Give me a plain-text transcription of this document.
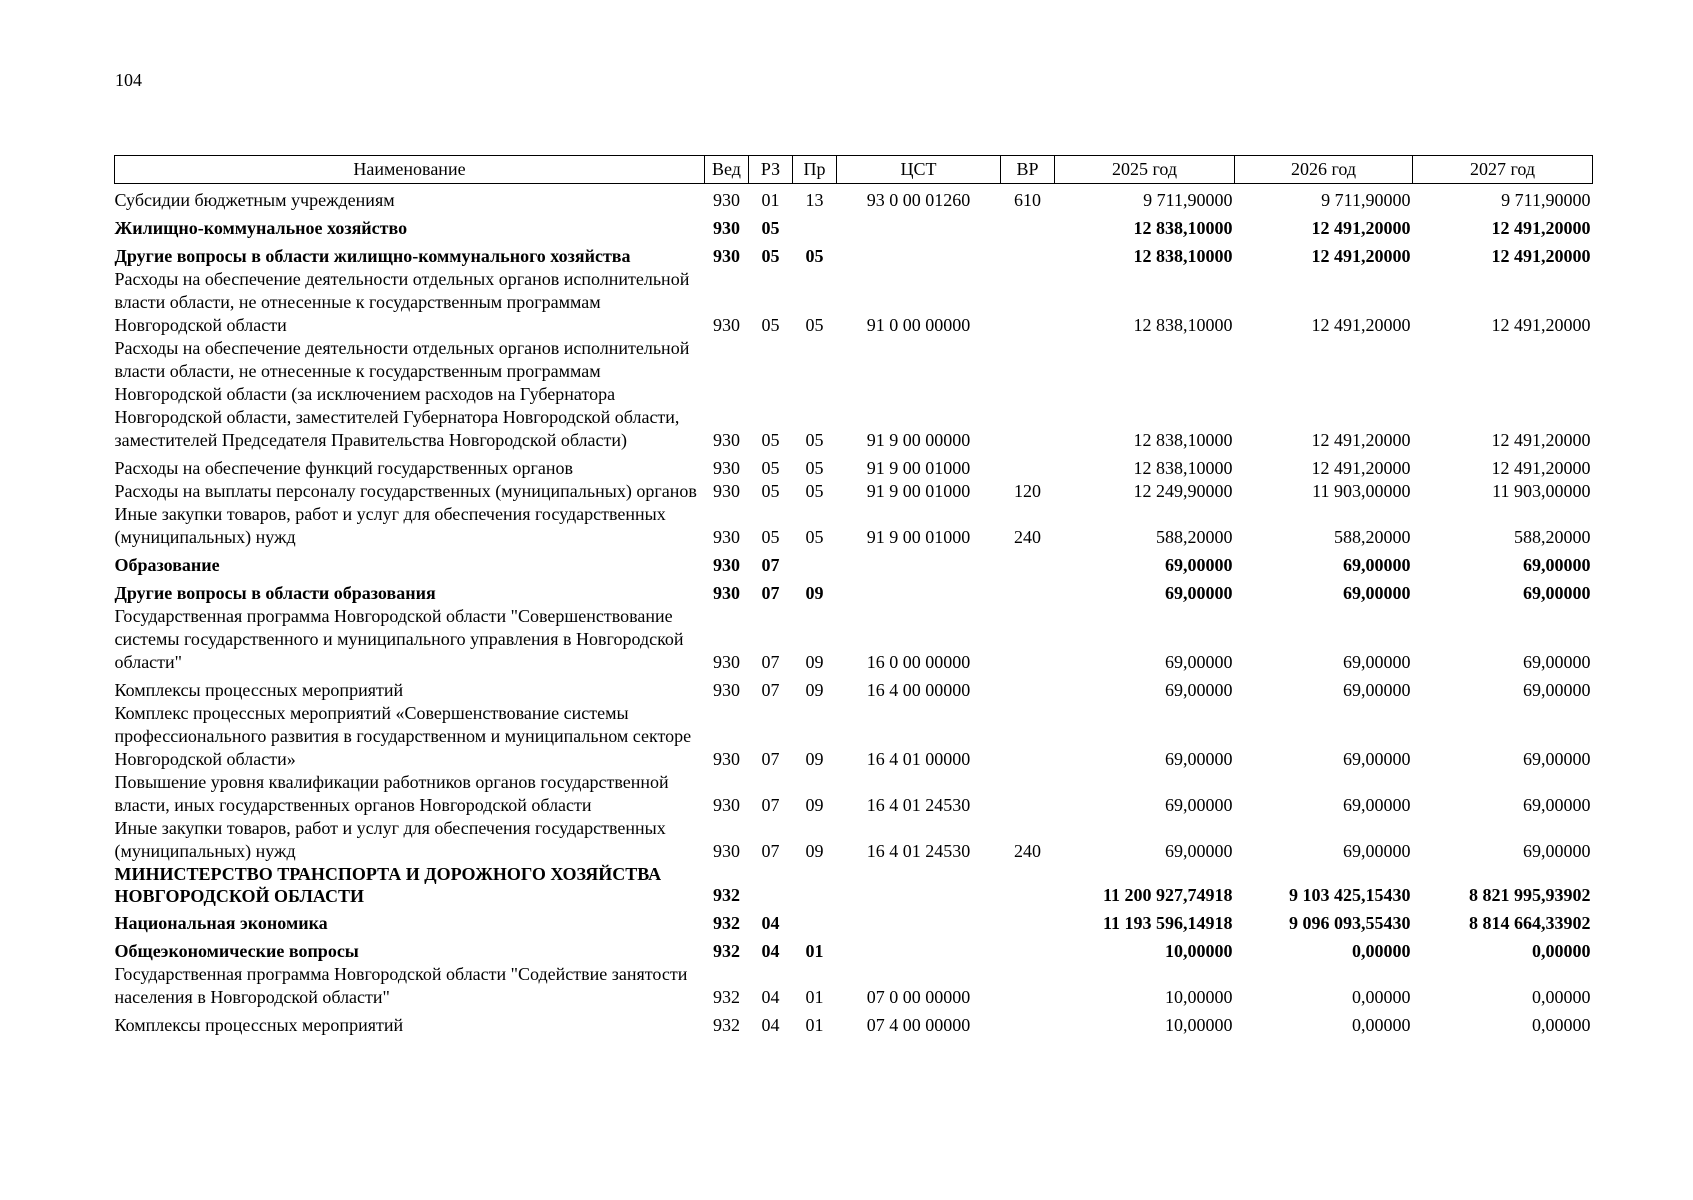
104
Наименование	Вед	РЗ	Пр	ЦСТ	ВР	2025 год	2026 год	2027 год
Субсидии бюджетным учреждениям	930	01	13	93 0 00 01260	610	9 711,90000	9 711,90000	9 711,90000
Жилищно-коммунальное хозяйство	930	05				12 838,10000	12 491,20000	12 491,20000
Другие вопросы в области жилищно-коммунального хозяйства	930	05	05			12 838,10000	12 491,20000	12 491,20000
Расходы на обеспечение деятельности отдельных органов исполнительной власти области, не отнесенные к государственным программам Новгородской области	930	05	05	91 0 00 00000		12 838,10000	12 491,20000	12 491,20000
Расходы на обеспечение деятельности отдельных органов исполнительной власти области, не отнесенные к государственным программам Новгородской области (за исключением расходов на Губернатора Новгородской области, заместителей Губернатора Новгородской области, заместителей Председателя Правительства Новгородской области)	930	05	05	91 9 00 00000		12 838,10000	12 491,20000	12 491,20000
Расходы на обеспечение функций государственных органов	930	05	05	91 9 00 01000		12 838,10000	12 491,20000	12 491,20000
Расходы на выплаты персоналу государственных (муниципальных) органов	930	05	05	91 9 00 01000	120	12 249,90000	11 903,00000	11 903,00000
Иные закупки товаров, работ и услуг для обеспечения государственных (муниципальных) нужд	930	05	05	91 9 00 01000	240	588,20000	588,20000	588,20000
Образование	930	07				69,00000	69,00000	69,00000
Другие вопросы в области образования	930	07	09			69,00000	69,00000	69,00000
Государственная программа Новгородской области "Совершенствование системы государственного и муниципального управления в Новгородской области"	930	07	09	16 0 00 00000		69,00000	69,00000	69,00000
Комплексы процессных мероприятий	930	07	09	16 4 00 00000		69,00000	69,00000	69,00000
Комплекс процессных мероприятий «Совершенствование системы профессионального развития в государственном и муниципальном секторе Новгородской области»	930	07	09	16 4 01 00000		69,00000	69,00000	69,00000
Повышение уровня квалификации работников органов государственной власти, иных государственных органов Новгородской области	930	07	09	16 4 01 24530		69,00000	69,00000	69,00000
Иные закупки товаров, работ и услуг для обеспечения государственных (муниципальных) нужд	930	07	09	16 4 01 24530	240	69,00000	69,00000	69,00000
МИНИСТЕРСТВО ТРАНСПОРТА И ДОРОЖНОГО ХОЗЯЙСТВА НОВГОРОДСКОЙ ОБЛАСТИ	932					11 200 927,74918	9 103 425,15430	8 821 995,93902
Национальная экономика	932	04				11 193 596,14918	9 096 093,55430	8 814 664,33902
Общеэкономические вопросы	932	04	01			10,00000	0,00000	0,00000
Государственная программа Новгородской области "Содействие занятости населения в Новгородской области"	932	04	01	07 0 00 00000		10,00000	0,00000	0,00000
Комплексы процессных мероприятий	932	04	01	07 4 00 00000		10,00000	0,00000	0,00000
